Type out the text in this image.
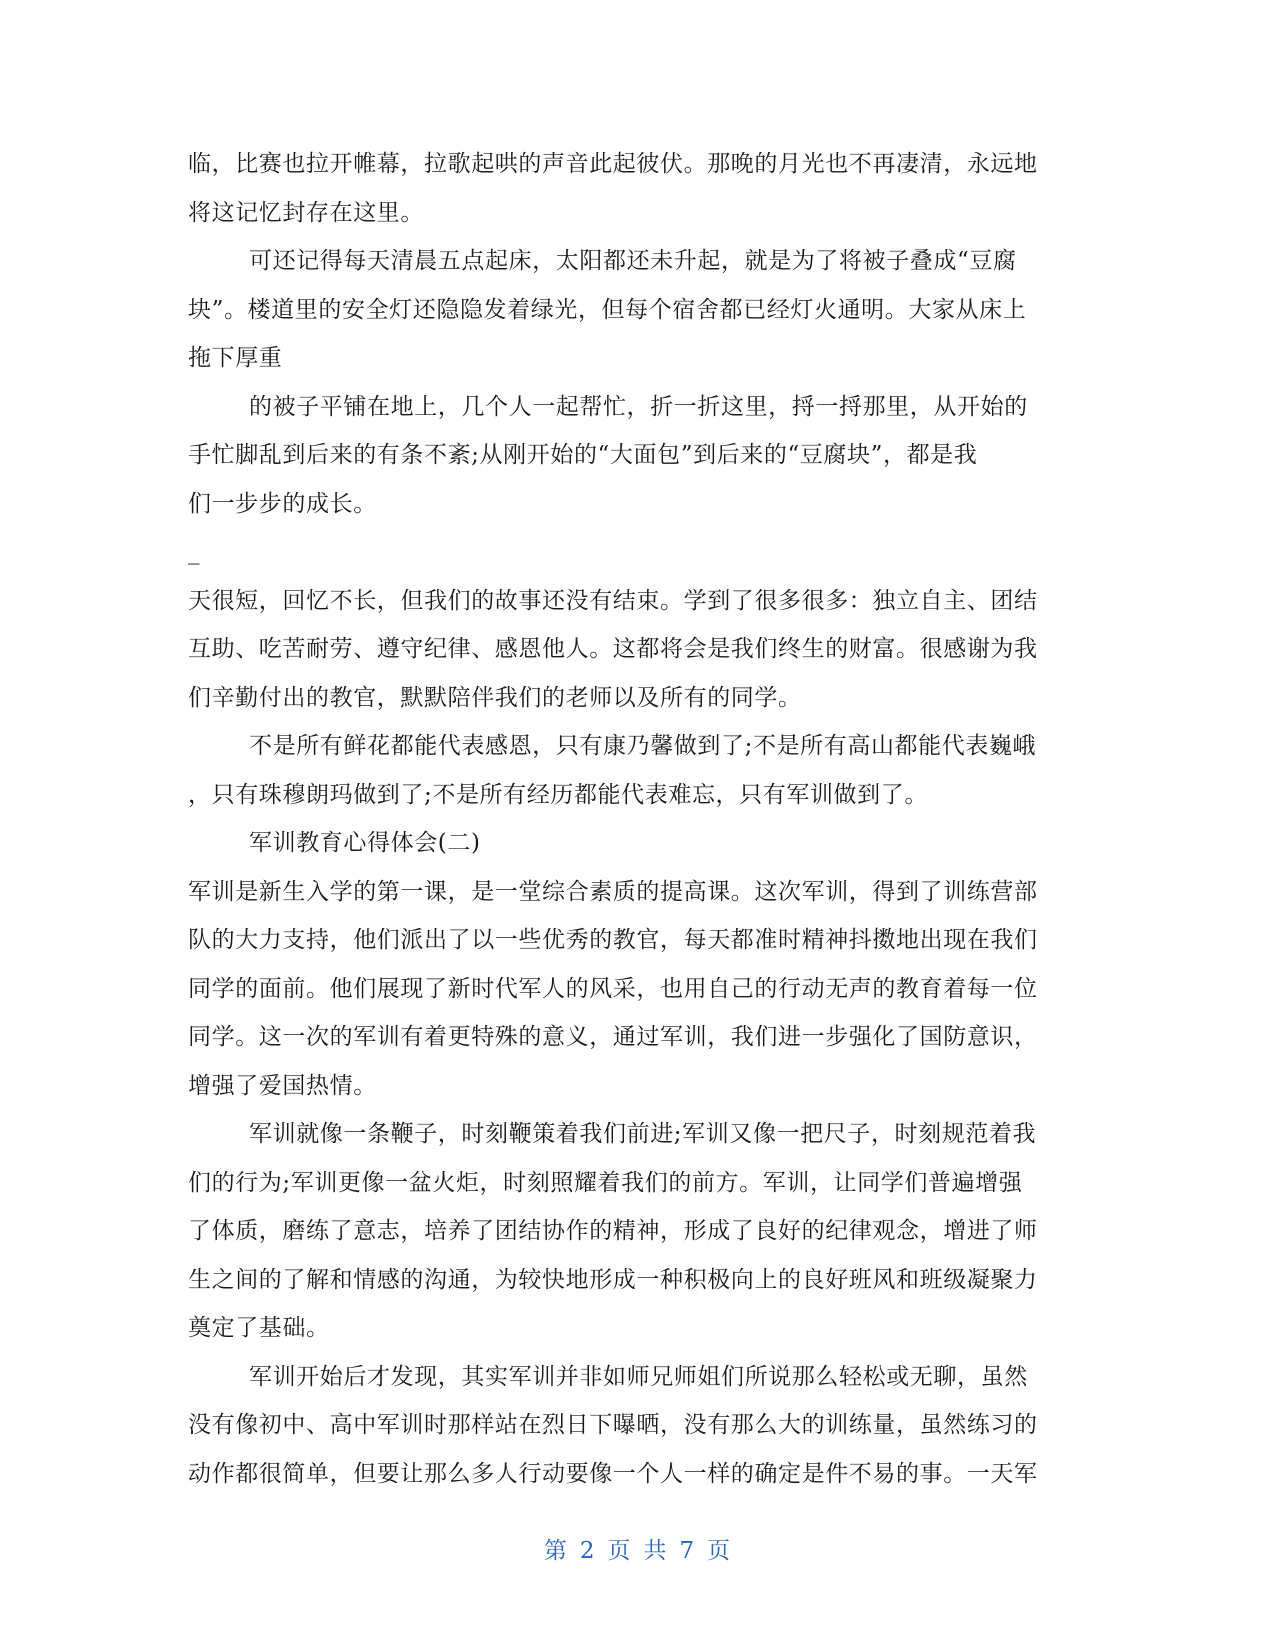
临，比赛也拉开帷幕，拉歌起哄的声音此起彼伏。那晚的月光也不再凄清，永远地
将这记忆封存在这里。
可还记得每天清晨五点起床，太阳都还未升起，就是为了将被子叠成“豆腐
块”。楼道里的安全灯还隐隐发着绿光，但每个宿舍都已经灯火通明。大家从床上
拖下厚重
的被子平铺在地上，几个人一起帮忙，折一折这里，捋一捋那里，从开始的
手忙脚乱到后来的有条不紊;从刚开始的“大面包”到后来的“豆腐块”，都是我
们一步步的成长。
_
天很短，回忆不长，但我们的故事还没有结束。学到了很多很多：独立自主、团结
互助、吃苦耐劳、遵守纪律、感恩他人。这都将会是我们终生的财富。很感谢为我
们辛勤付出的教官，默默陪伴我们的老师以及所有的同学。
不是所有鲜花都能代表感恩，只有康乃馨做到了;不是所有高山都能代表巍峨
，只有珠穆朗玛做到了;不是所有经历都能代表难忘，只有军训做到了。
军训教育心得体会(二)
军训是新生入学的第一课，是一堂综合素质的提高课。这次军训，得到了训练营部
队的大力支持，他们派出了以一些优秀的教官，每天都准时精神抖擞地出现在我们
同学的面前。他们展现了新时代军人的风采，也用自己的行动无声的教育着每一位
同学。这一次的军训有着更特殊的意义，通过军训，我们进一步强化了国防意识，
增强了爱国热情。
军训就像一条鞭子，时刻鞭策着我们前进;军训又像一把尺子，时刻规范着我
们的行为;军训更像一盆火炬，时刻照耀着我们的前方。军训，让同学们普遍增强
了体质，磨练了意志，培养了团结协作的精神，形成了良好的纪律观念，增进了师
生之间的了解和情感的沟通，为较快地形成一种积极向上的良好班风和班级凝聚力
奠定了基础。
军训开始后才发现，其实军训并非如师兄师姐们所说那么轻松或无聊，虽然
没有像初中、高中军训时那样站在烈日下曝晒，没有那么大的训练量，虽然练习的
动作都很简单，但要让那么多人行动要像一个人一样的确定是件不易的事。一天军
第 2 页 共 7 页
